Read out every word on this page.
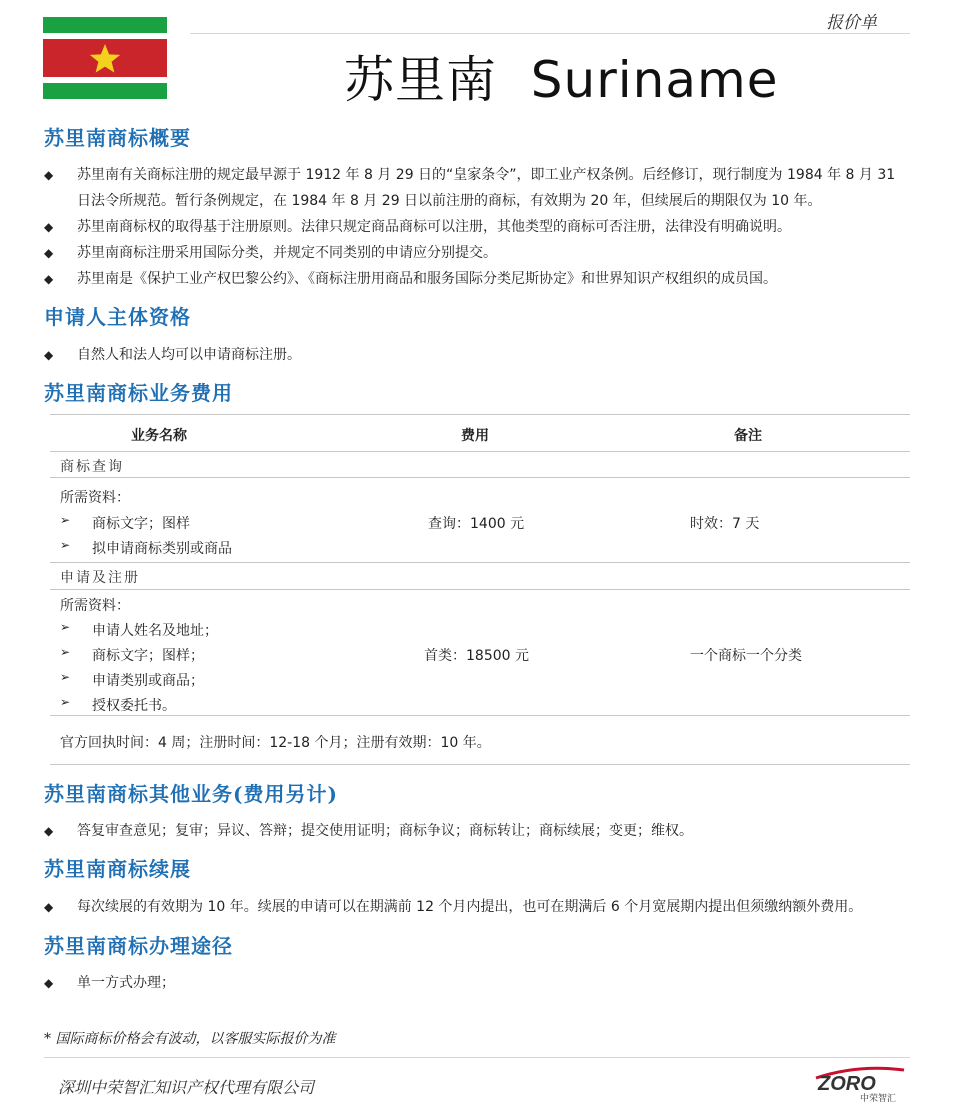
报价单
苏里南 Suriname
苏里南商标概要
◆ 苏里南有关商标注册的规定最早源于 1912 年 8 月 29 日的“皇家条令”，即工业产权条例。后经修订，现行制度为 1984 年 8 月 31 日法令所规范。暂行条例规定，在 1984 年 8 月 29 日以前注册的商标，有效期为 20 年，但续展后的期限仅为 10 年。
◆ 苏里南商标权的取得基于注册原则。法律只规定商品商标可以注册，其他类型的商标可否注册，法律没有明确说明。
◆ 苏里南商标注册采用国际分类，并规定不同类别的申请应分别提交。
◆ 苏里南是《保护工业产权巴黎公约》、《商标注册用商品和服务国际分类尼斯协定》和世界知识产权组织的成员国。
申请人主体资格
◆ 自然人和法人均可以申请商标注册。
苏里南商标业务费用
业务名称	费用	备注
商标查询
所需资料：
➢ 商标文字；图样
➢ 拟申请商标类别或商品
查询：1400 元	时效：7 天
申请及注册
所需资料：
➢ 申请人姓名及地址；
➢ 商标文字；图样；
➢ 申请类别或商品；
➢ 授权委托书。
首类：18500 元	一个商标一个分类
官方回执时间：4 周；注册时间：12-18 个月；注册有效期：10 年。
苏里南商标其他业务(费用另计)
◆ 答复审查意见；复审；异议、答辩；提交使用证明；商标争议；商标转让；商标续展；变更；维权。
苏里南商标续展
◆ 每次续展的有效期为 10 年。续展的申请可以在期满前 12 个月内提出，也可在期满后 6 个月宽展期内提出但须缴纳额外费用。
苏里南商标办理途径
◆ 单一方式办理；
* 国际商标价格会有波动，以客服实际报价为准
深圳中荣智汇知识产权代理有限公司	ZORO
中荣智汇
